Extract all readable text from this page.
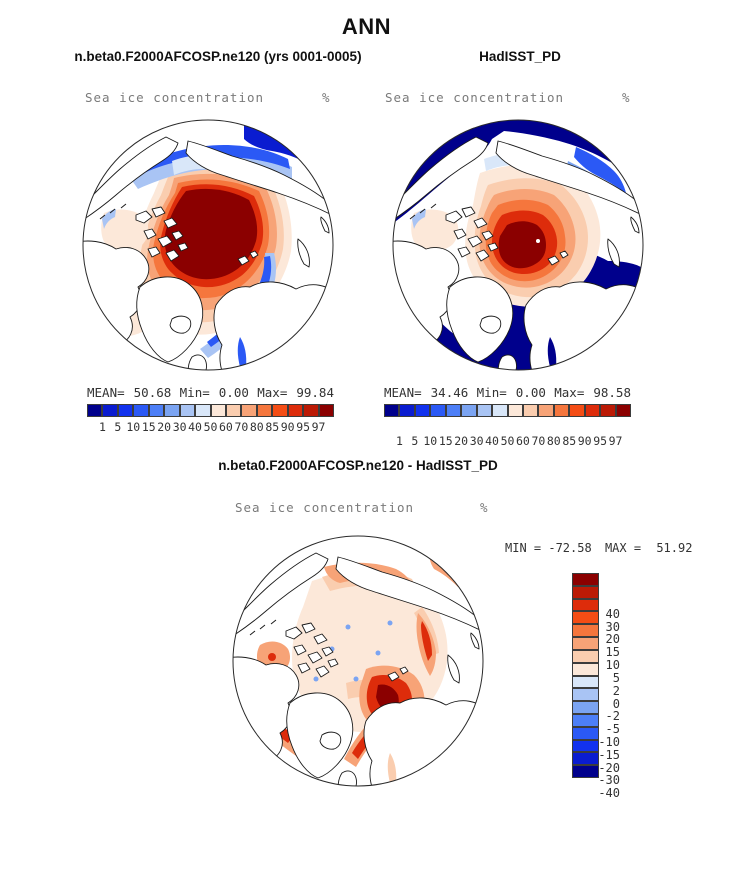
ANN
n.beta0.F2000AFCOSP.ne120 (yrs 0001-0005)	HadISST_PD
Sea ice concentration	%	Sea ice concentration	%
MEAN= 50.68 Min= 0.00 Max= 99.84
1 5 10 15 20 30 40 50 60 70 80 85 90 95 97
MEAN= 34.46 Min= 0.00 Max= 98.58
1 5 10 15 20 30 40 50 60 70 80 85 90 95 97
n.beta0.F2000AFCOSP.ne120 - HadISST_PD
Sea ice concentration	%
MIN = -72.58 MAX = 51.92
40
30
20
15
10
5
2
0
-2
-5
-10
-15
-20
-30
-40
